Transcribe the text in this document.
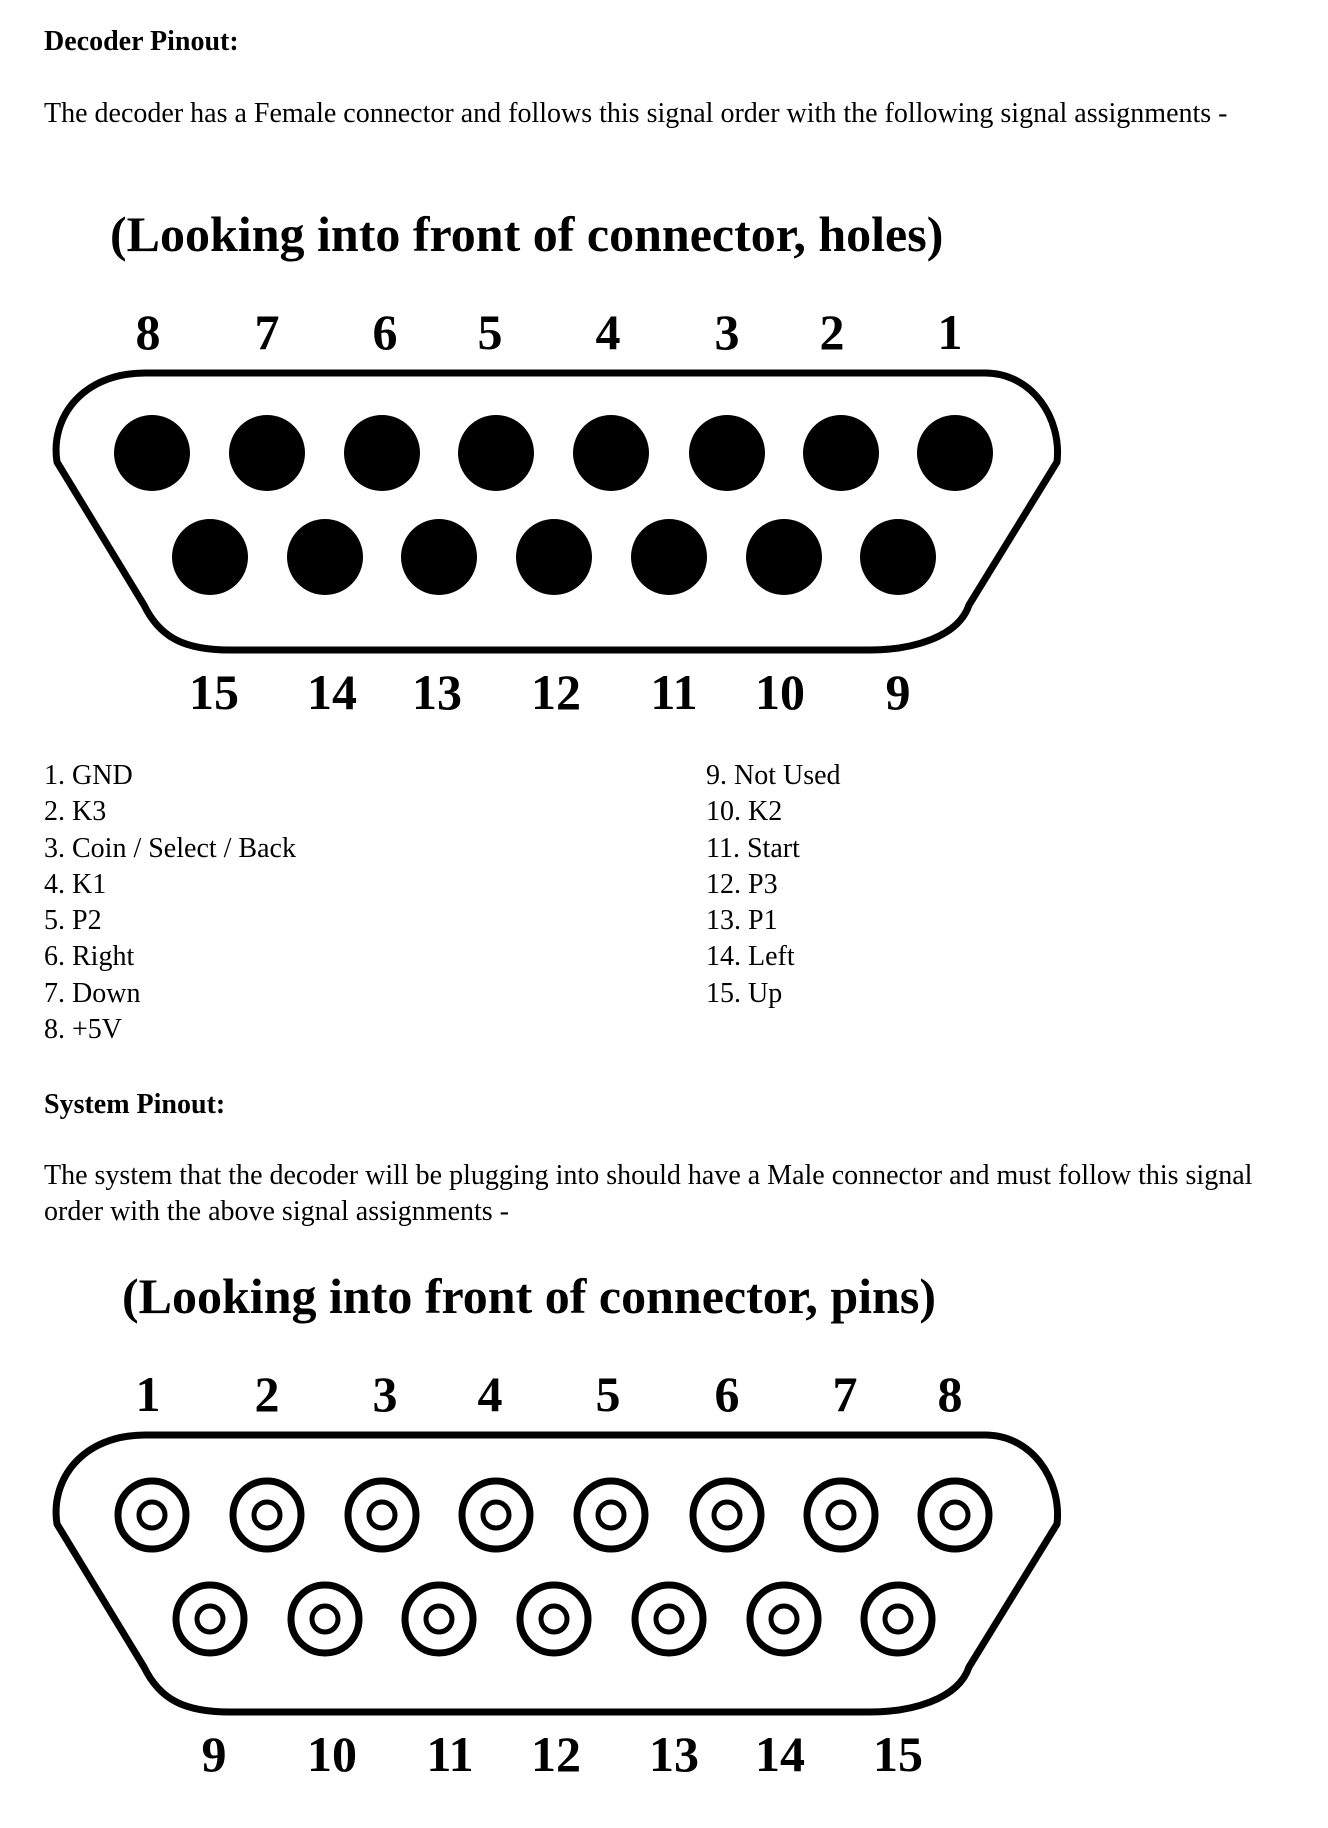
Decoder Pinout:

The decoder has a Female connector and follows this signal order with the following signal assignments -

(Looking into front of connector, holes)
8	7	6	5	4	3	2	1
15	14	13	12	11	10	9
1. GND
2. K3
3. Coin / Select / Back
4. K1
5. P2
6. Right
7. Down
8. +5V
9. Not Used
10. K2
11. Start
12. P3
13. P1
14. Left
15. Up
System Pinout:

The system that the decoder will be plugging into should have a Male connector and must follow this signal order with the above signal assignments -

(Looking into front of connector, pins)
1	2	3	4	5	6	7	8
9	10	11	12	13	14	15
